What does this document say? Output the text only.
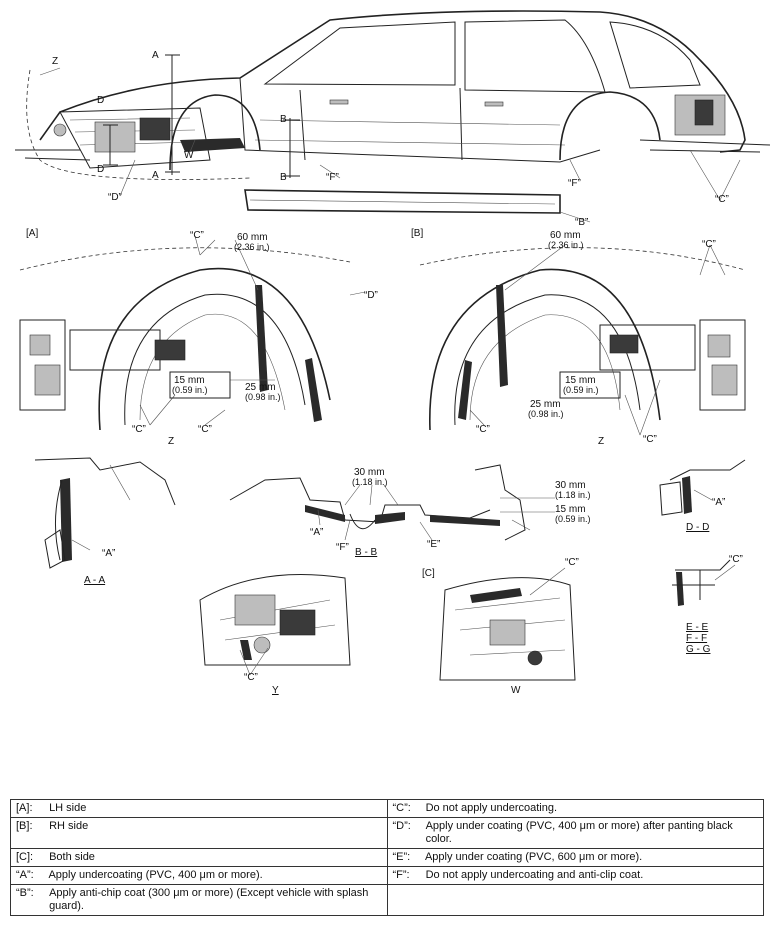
Z
A
A
D
D
W
B
B	“F”
“D”
“F”
“C”
“B”
[A]	“C”	60 mm
(2.36 in.)
“D”
25 mm
(0.98 in.)
15 mm
(0.59 in.)
“C”	“C”
Z
[B]	60 mm
(2.36 in.)	“C”
15 mm
(0.59 in.)
25 mm
(0.98 in.)
“C”
“C”
Z
“A”
A - A
30 mm
(1.18 in.)	30 mm
(1.18 in.)
15 mm
(0.59 in.)
“A”
“F”	“E”
B - B
“A”
D - D
“C”
Y
[C]
“C”
W
“C”
E - E
F - F
G - G
[A]: LH side	“C”: Do not apply undercoating.
[B]: RH side	“D”: Apply under coating (PVC, 400 μm or more) after panting black color.
[C]: Both side	“E”: Apply under coating (PVC, 600 μm or more).
“A”: Apply undercoating (PVC, 400 μm or more).	“F”: Do not apply undercoating and anti-clip coat.
“B”: Apply anti-chip coat (300 μm or more) (Except vehicle with splash guard).	
